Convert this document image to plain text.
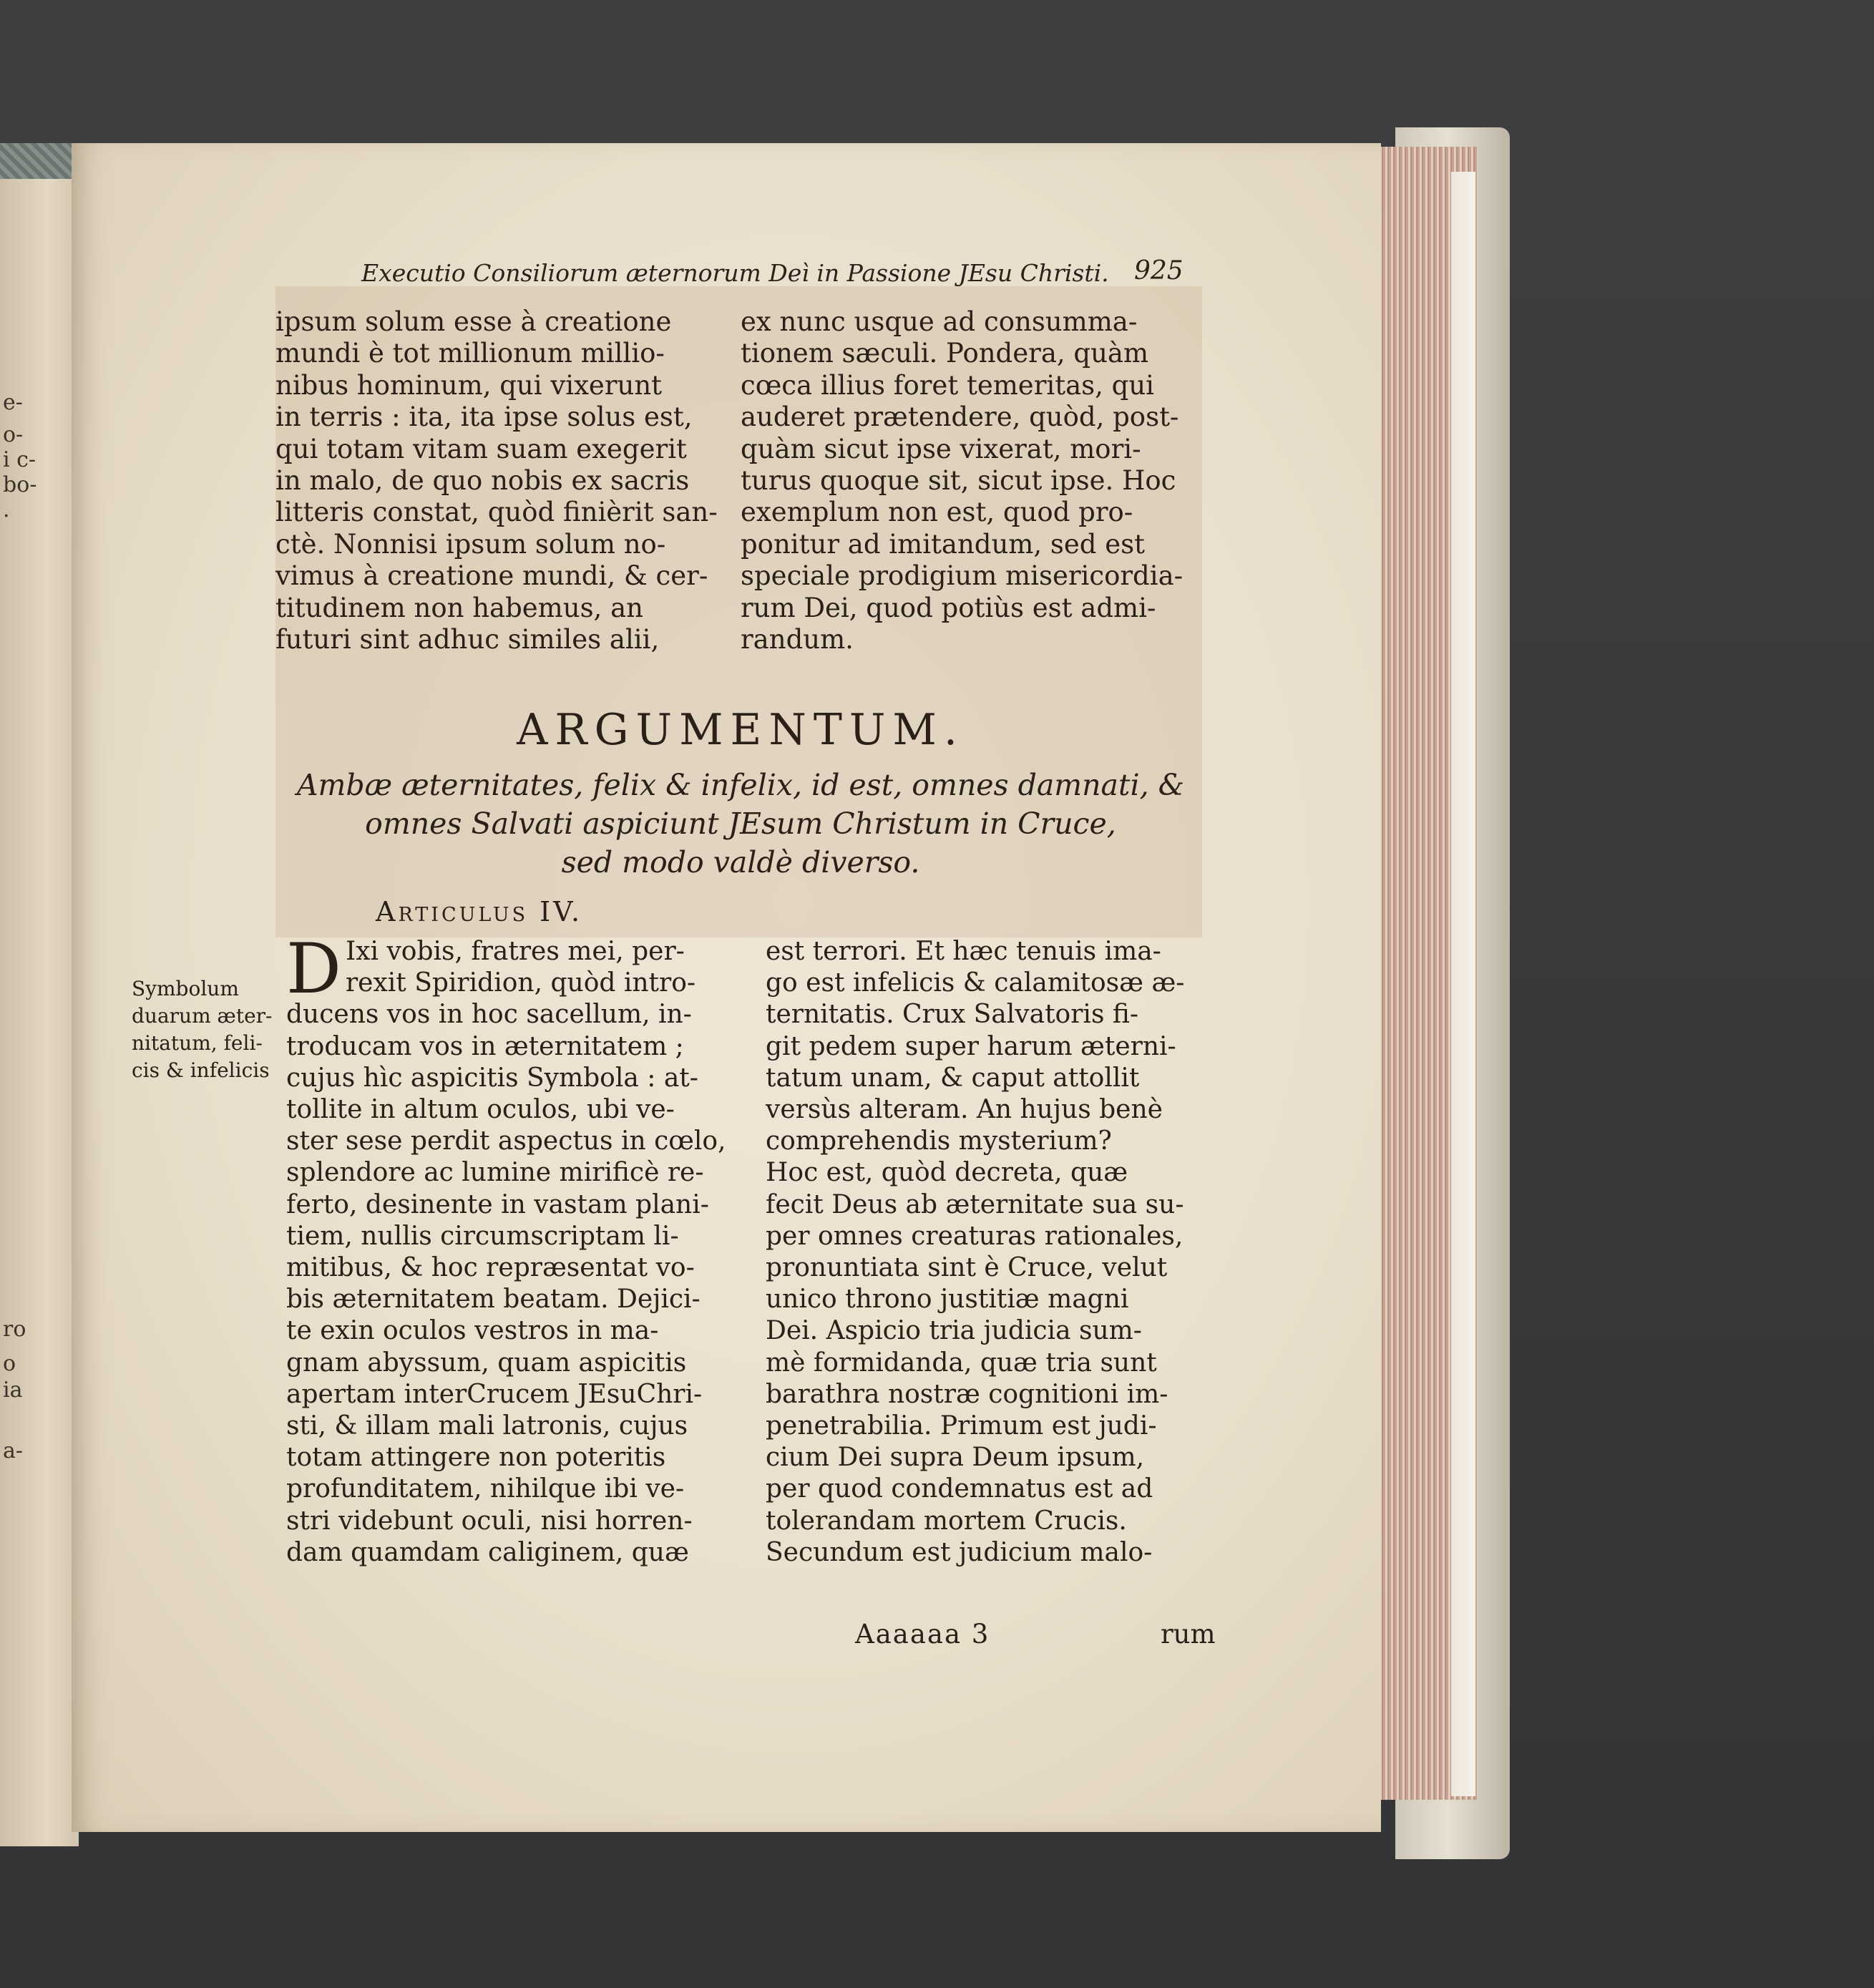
e-
o-
i c-
bo-
.
ro
o
ia
a-
Executio Consiliorum æternorum Deì in Passione JEsu Christi. 925
ipsum solum esse à creatione
mundi è tot millionum millio-
nibus hominum, qui vixerunt
in terris : ita, ita ipse solus est,
qui totam vitam suam exegerit
in malo, de quo nobis ex sacris
litteris constat, quòd finièrit san-
ctè. Nonnisi ipsum solum no-
vimus à creatione mundi, & cer-
titudinem non habemus, an
futuri sint adhuc similes alii,
ex nunc usque ad consumma-
tionem sæculi. Pondera, quàm
cœca illius foret temeritas, qui
auderet prætendere, quòd, post-
quàm sicut ipse vixerat, mori-
turus quoque sit, sicut ipse. Hoc
exemplum non est, quod pro-
ponitur ad imitandum, sed est
speciale prodigium misericordia-
rum Dei, quod potiùs est admi-
randum.
ARGUMENTUM.
Ambæ æternitates, felix & infelix, id est, omnes damnati, &
omnes Salvati aspiciunt JEsum Christum in Cruce,
sed modo valdè diverso.
Articulus IV.
Symbolum
duarum æter-
nitatum, feli-
cis & infelicis
D Ixi vobis, fratres mei, per-
rexit Spiridion, quòd intro-
ducens vos in hoc sacellum, in-
troducam vos in æternitatem ;
cujus hìc aspicitis Symbola : at-
tollite in altum oculos, ubi ve-
ster sese perdit aspectus in cœlo,
splendore ac lumine mirificè re-
ferto, desinente in vastam plani-
tiem, nullis circumscriptam li-
mitibus, & hoc repræsentat vo-
bis æternitatem beatam. Dejici-
te exin oculos vestros in ma-
gnam abyssum, quam aspicitis
apertam interCrucem JEsuChri-
sti, & illam mali latronis, cujus
totam attingere non poteritis
profunditatem, nihilque ibi ve-
stri videbunt oculi, nisi horren-
dam quamdam caliginem, quæ
est terrori. Et hæc tenuis ima-
go est infelicis & calamitosæ æ-
ternitatis. Crux Salvatoris fi-
git pedem super harum æterni-
tatum unam, & caput attollit
versùs alteram. An hujus benè
comprehendis mysterium?
Hoc est, quòd decreta, quæ
fecit Deus ab æternitate sua su-
per omnes creaturas rationales,
pronuntiata sint è Cruce, velut
unico throno justitiæ magni
Dei. Aspicio tria judicia sum-
mè formidanda, quæ tria sunt
barathra nostræ cognitioni im-
penetrabilia. Primum est judi-
cium Dei supra Deum ipsum,
per quod condemnatus est ad
tolerandam mortem Crucis.
Secundum est judicium malo-
Aaaaaa 3	rum
